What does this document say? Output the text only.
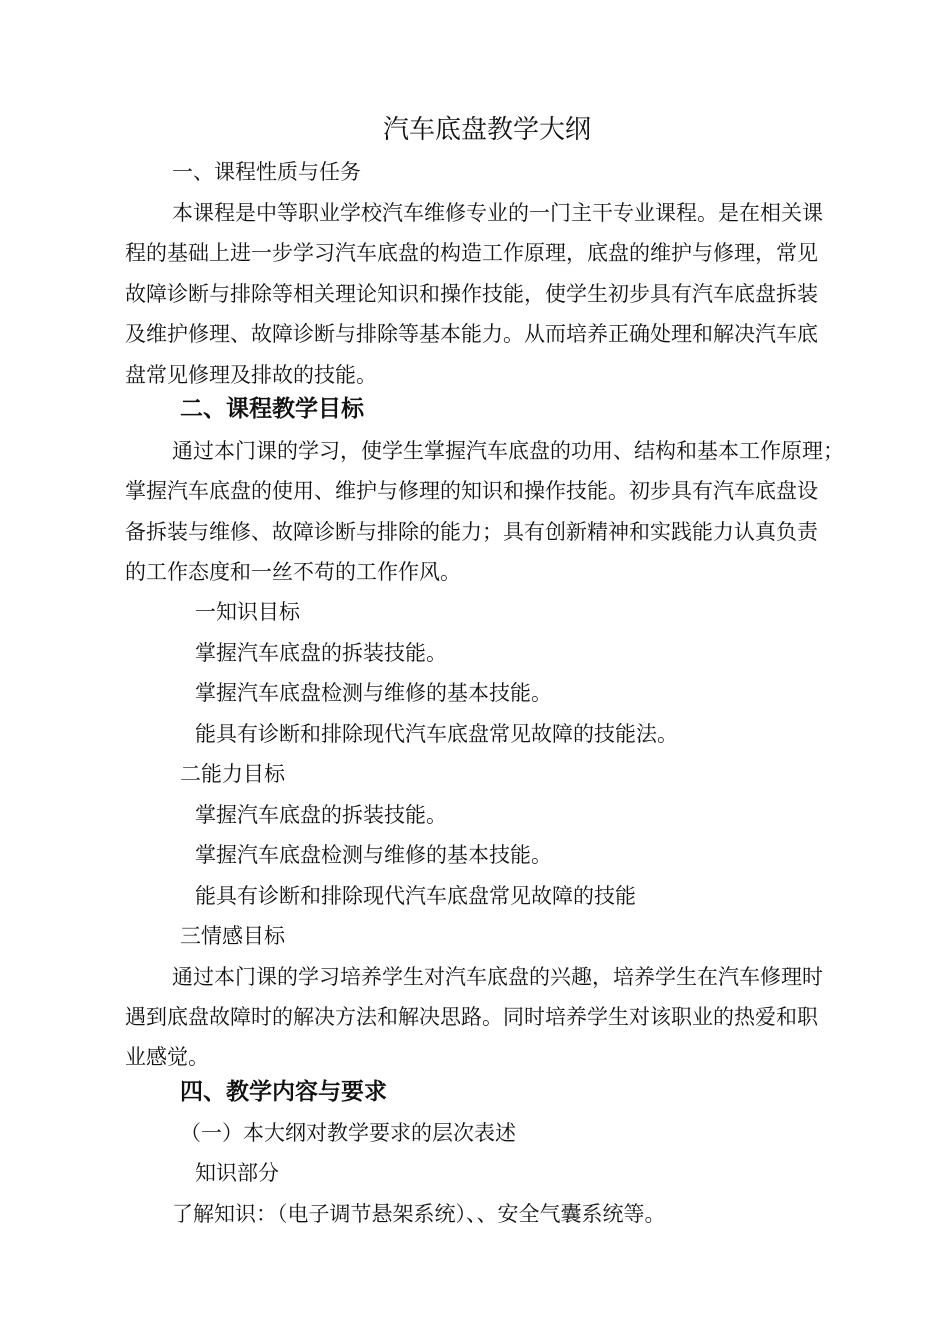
汽车底盘教学大纲
一、课程性质与任务
本课程是中等职业学校汽车维修专业的一门主干专业课程。是在相关课
程的基础上进一步学习汽车底盘的构造工作原理，底盘的维护与修理，常见
故障诊断与排除等相关理论知识和操作技能，使学生初步具有汽车底盘拆装
及维护修理、故障诊断与排除等基本能力。从而培养正确处理和解决汽车底
盘常见修理及排故的技能。
二、课程教学目标
通过本门课的学习，使学生掌握汽车底盘的功用、结构和基本工作原理；
掌握汽车底盘的使用、维护与修理的知识和操作技能。初步具有汽车底盘设
备拆装与维修、故障诊断与排除的能力；具有创新精神和实践能力认真负责
的工作态度和一丝不苟的工作作风。
一知识目标
掌握汽车底盘的拆装技能。
掌握汽车底盘检测与维修的基本技能。
能具有诊断和排除现代汽车底盘常见故障的技能法。
二能力目标
掌握汽车底盘的拆装技能。
掌握汽车底盘检测与维修的基本技能。
能具有诊断和排除现代汽车底盘常见故障的技能
三情感目标
通过本门课的学习培养学生对汽车底盘的兴趣，培养学生在汽车修理时
遇到底盘故障时的解决方法和解决思路。同时培养学生对该职业的热爱和职
业感觉。
四、教学内容与要求
（一）本大纲对教学要求的层次表述
知识部分
了解知识：（电子调节悬架系统）、、安全气囊系统等。
